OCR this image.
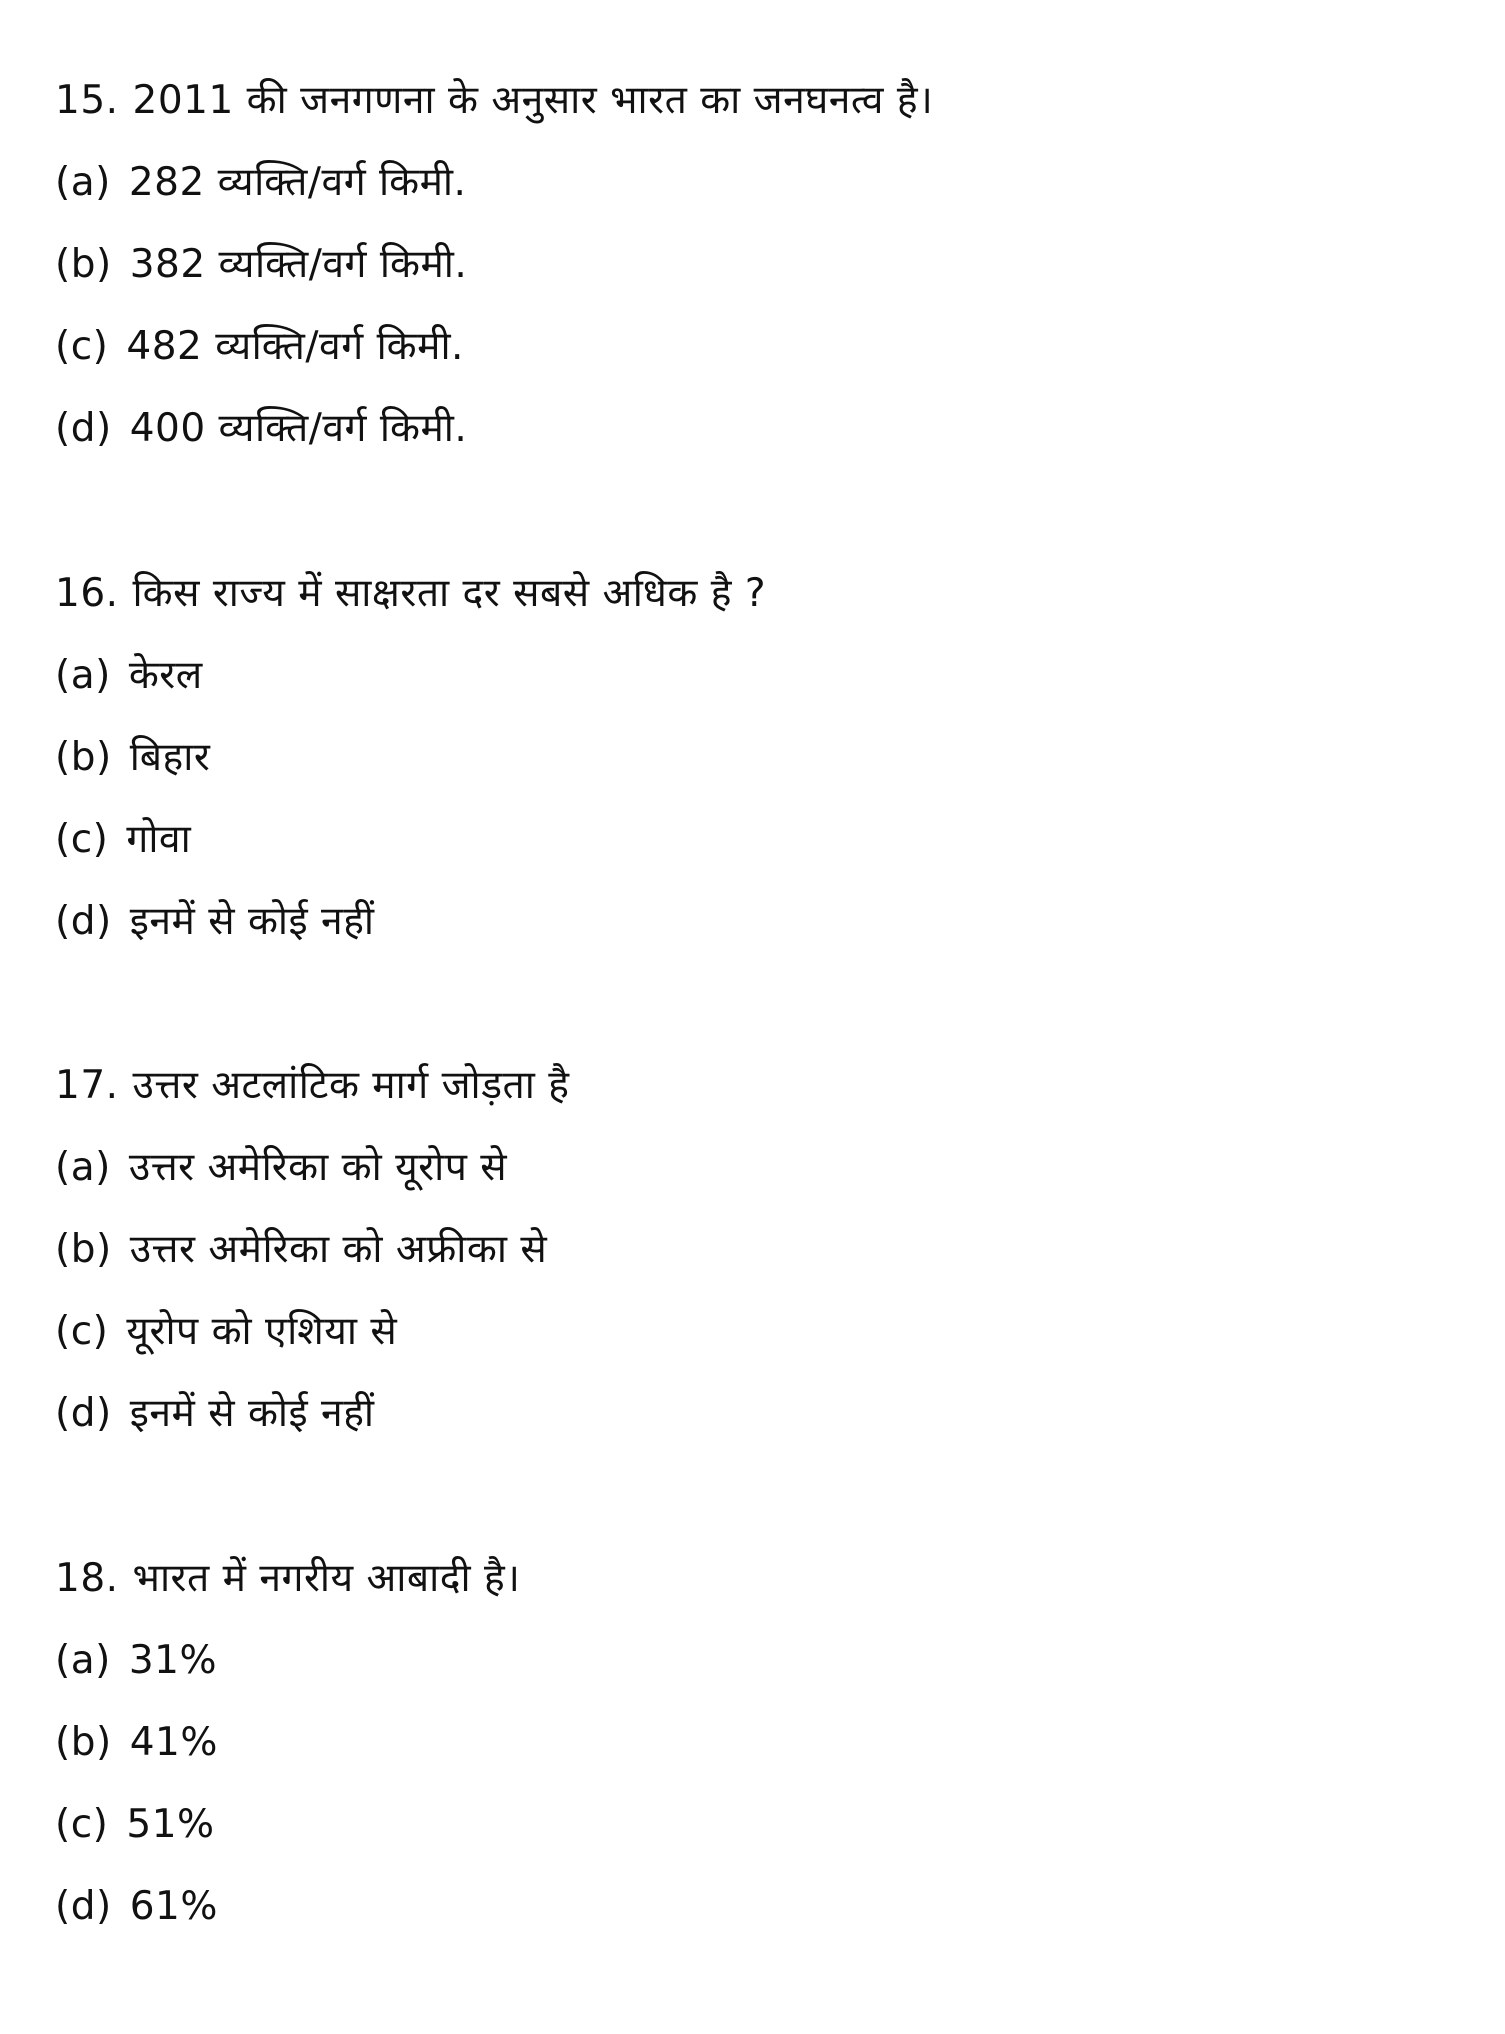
15. 2011 की जनगणना के अनुसार भारत का जनघनत्व है।
(a) 282 व्यक्ति/वर्ग किमी.
(b) 382 व्यक्ति/वर्ग किमी.
(c) 482 व्यक्ति/वर्ग किमी.
(d) 400 व्यक्ति/वर्ग किमी.
16. किस राज्य में साक्षरता दर सबसे अधिक है ?
(a) केरल
(b) बिहार
(c) गोवा
(d) इनमें से कोई नहीं
17. उत्तर अटलांटिक मार्ग जोड़ता है
(a) उत्तर अमेरिका को यूरोप से
(b) उत्तर अमेरिका को अफ्रीका से
(c) यूरोप को एशिया से
(d) इनमें से कोई नहीं
18. भारत में नगरीय आबादी है।
(a) 31%
(b) 41%
(c) 51%
(d) 61%
